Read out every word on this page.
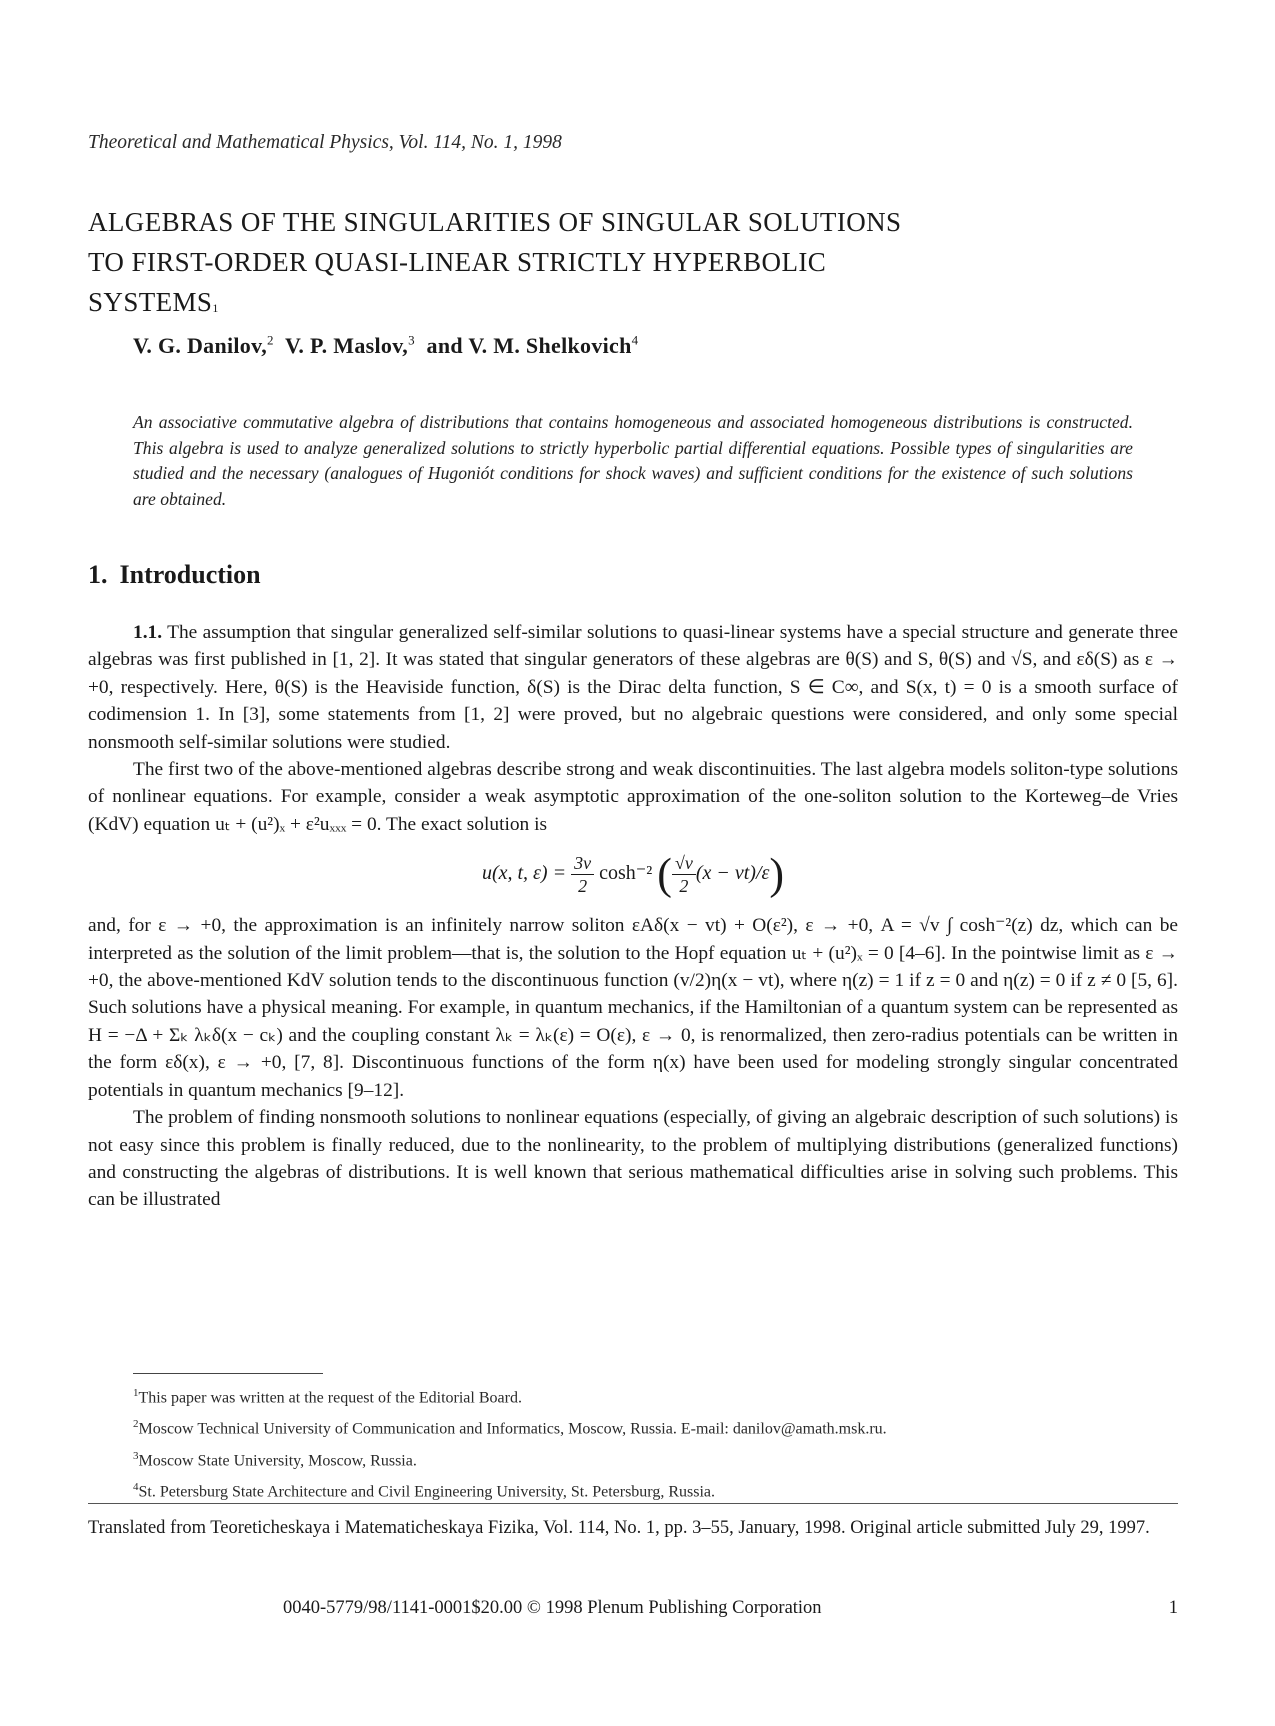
Theoretical and Mathematical Physics, Vol. 114, No. 1, 1998
ALGEBRAS OF THE SINGULARITIES OF SINGULAR SOLUTIONS
TO FIRST-ORDER QUASI-LINEAR STRICTLY HYPERBOLIC
SYSTEMS$^1$
V. G. Danilov,$^2$ V. P. Maslov,$^3$ and V. M. Shelkovich$^4$
An associative commutative algebra of distributions that contains homogeneous and associated homogeneous distributions is constructed. This algebra is used to analyze generalized solutions to strictly hyperbolic partial differential equations. Possible types of singularities are studied and the necessary (analogues of Hugoniót conditions for shock waves) and sufficient conditions for the existence of such solutions are obtained.
1. Introduction

1.1. The assumption that singular generalized self-similar solutions to quasi-linear systems have a special structure and generate three algebras was first published in [1, 2]. It was stated that singular generators of these algebras are θ(S) and S, θ(S) and √S, and εδ(S) as ε → +0, respectively. Here, θ(S) is the Heaviside function, δ(S) is the Dirac delta function, S ∈ C∞, and S(x, t) = 0 is a smooth surface of codimension 1. In [3], some statements from [1, 2] were proved, but no algebraic questions were considered, and only some special nonsmooth self-similar solutions were studied.

The first two of the above-mentioned algebras describe strong and weak discontinuities. The last algebra models soliton-type solutions of nonlinear equations. For example, consider a weak asymptotic approximation of the one-soliton solution to the Korteweg–de Vries (KdV) equation uₜ + (u²)ₓ + ε²uₓₓₓ = 0. The exact solution is

u(x, t, $\varepsilon) = \frac{3v}{2} \cosh^{-2}$ ( $\frac{√v}{2} (x - vt)/\varepsilon$)

and, for ε → +0, the approximation is an infinitely narrow soliton εAδ(x − vt) + O(ε²), ε → +0, A = √v ∫ cosh⁻²(z) dz, which can be interpreted as the solution of the limit problem—that is, the solution to the Hopf equation uₜ + (u²)ₓ = 0 [4–6]. In the pointwise limit as ε → +0, the above-mentioned KdV solution tends to the discontinuous function (v/2)η(x − vt), where η(z) = 1 if z = 0 and η(z) = 0 if z ≠ 0 [5, 6]. Such solutions have a physical meaning. For example, in quantum mechanics, if the Hamiltonian of a quantum system can be represented as H = −Δ + Σₖ λₖδ(x − cₖ) and the coupling constant λₖ = λₖ(ε) = O(ε), ε → 0, is renormalized, then zero-radius potentials can be written in the form εδ(x), ε → +0, [7, 8]. Discontinuous functions of the form η(x) have been used for modeling strongly singular concentrated potentials in quantum mechanics [9–12].

The problem of finding nonsmooth solutions to nonlinear equations (especially, of giving an algebraic description of such solutions) is not easy since this problem is finally reduced, due to the nonlinearity, to the problem of multiplying distributions (generalized functions) and constructing the algebras of distributions. It is well known that serious mathematical difficulties arise in solving such problems. This can be illustrated

$^1$This paper was written at the request of the Editorial Board.
$^2$Moscow Technical University of Communication and Informatics, Moscow, Russia. E-mail: danilov@amath.msk.ru.
$^3$Moscow State University, Moscow, Russia.
$^4$St. Petersburg State Architecture and Civil Engineering University, St. Petersburg, Russia.
Translated from Teoreticheskaya i Matematicheskaya Fizika, Vol. 114, No. 1, pp. 3–55, January, 1998. Original article submitted July 29, 1997.
0040-5779/98/1141-0001$20.00 © 1998 Plenum Publishing Corporation	1
